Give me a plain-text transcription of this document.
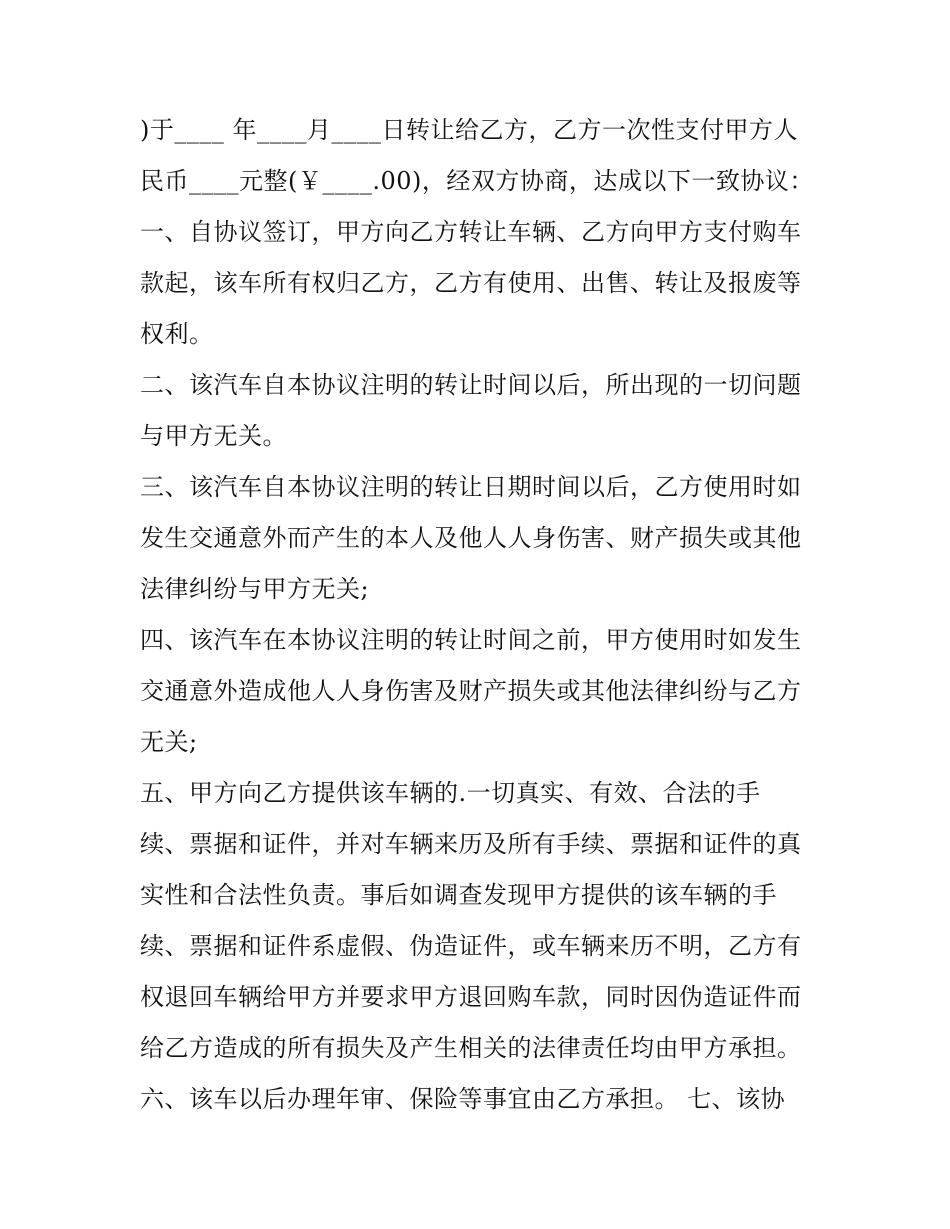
)于____ 年____月____日转让给乙方，乙方一次性支付甲方人
民币____元整(￥____.00)，经双方协商，达成以下一致协议：
一、自协议签订，甲方向乙方转让车辆、乙方向甲方支付购车
款起，该车所有权归乙方，乙方有使用、出售、转让及报废等
权利。
二、该汽车自本协议注明的转让时间以后，所出现的一切问题
与甲方无关。
三、该汽车自本协议注明的转让日期时间以后，乙方使用时如
发生交通意外而产生的本人及他人人身伤害、财产损失或其他
法律纠纷与甲方无关;
四、该汽车在本协议注明的转让时间之前，甲方使用时如发生
交通意外造成他人人身伤害及财产损失或其他法律纠纷与乙方
无关;
五、甲方向乙方提供该车辆的.一切真实、有效、合法的手
续、票据和证件，并对车辆来历及所有手续、票据和证件的真
实性和合法性负责。事后如调查发现甲方提供的该车辆的手
续、票据和证件系虚假、伪造证件，或车辆来历不明，乙方有
权退回车辆给甲方并要求甲方退回购车款，同时因伪造证件而
给乙方造成的所有损失及产生相关的法律责任均由甲方承担。
六、该车以后办理年审、保险等事宜由乙方承担。 七、该协
